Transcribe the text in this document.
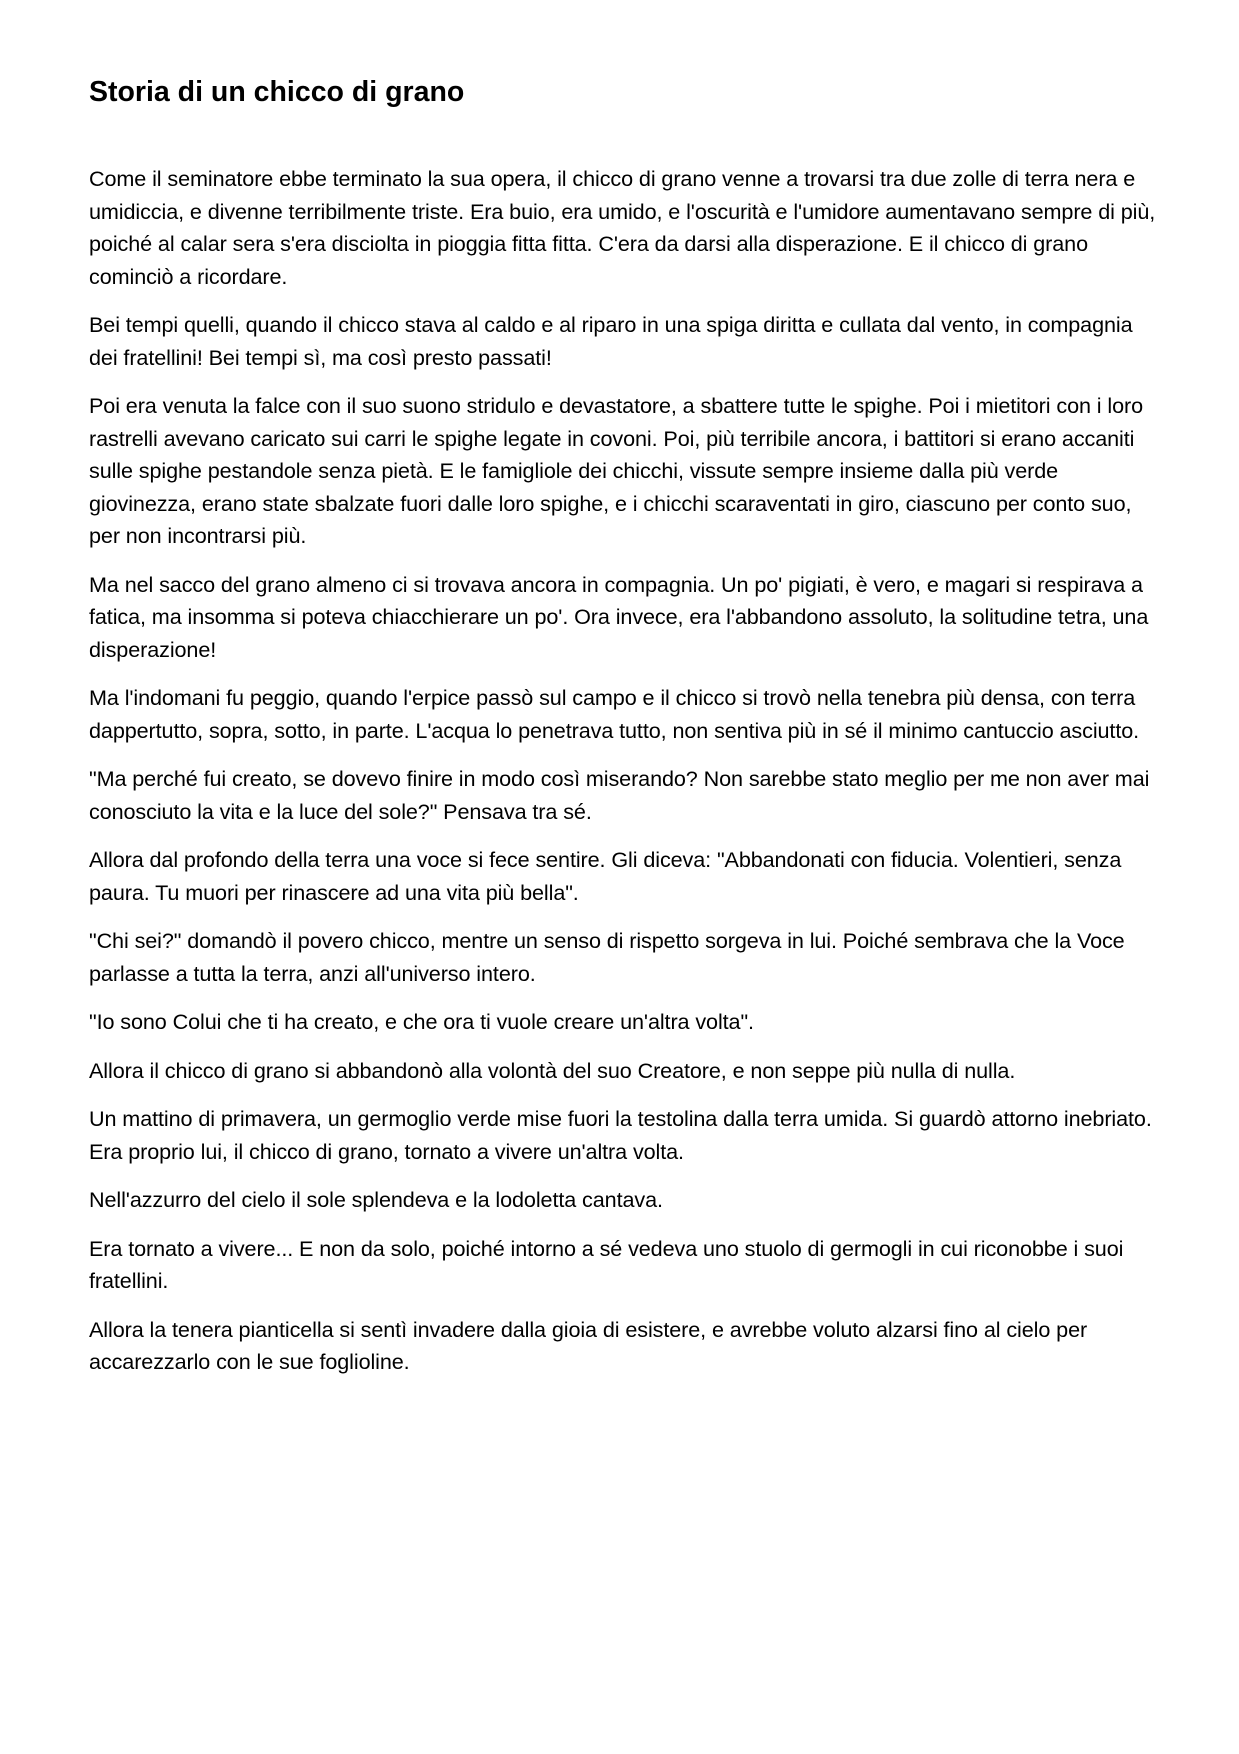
Storia di un chicco di grano

Come il seminatore ebbe terminato la sua opera, il chicco di grano venne a trovarsi tra due zolle di terra nera e umidiccia, e divenne terribilmente triste. Era buio, era umido, e l'oscurità e l'umidore aumentavano sempre di più, poiché al calar sera s'era disciolta in pioggia fitta fitta. C'era da darsi alla disperazione. E il chicco di grano cominciò a ricordare.

Bei tempi quelli, quando il chicco stava al caldo e al riparo in una spiga diritta e cullata dal vento, in compagnia dei fratellini! Bei tempi sì, ma così presto passati!

Poi era venuta la falce con il suo suono stridulo e devastatore, a sbattere tutte le spighe. Poi i mietitori con i loro rastrelli avevano caricato sui carri le spighe legate in covoni. Poi, più terribile ancora, i battitori si erano accaniti sulle spighe pestandole senza pietà. E le famigliole dei chicchi, vissute sempre insieme dalla più verde giovinezza, erano state sbalzate fuori dalle loro spighe, e i chicchi scaraventati in giro, ciascuno per conto suo, per non incontrarsi più.

Ma nel sacco del grano almeno ci si trovava ancora in compagnia. Un po' pigiati, è vero, e magari si respirava a fatica, ma insomma si poteva chiacchierare un po'. Ora invece, era l'abbandono assoluto, la solitudine tetra, una disperazione!

Ma l'indomani fu peggio, quando l'erpice passò sul campo e il chicco si trovò nella tenebra più densa, con terra dappertutto, sopra, sotto, in parte. L'acqua lo penetrava tutto, non sentiva più in sé il minimo cantuccio asciutto.

"Ma perché fui creato, se dovevo finire in modo così miserando? Non sarebbe stato meglio per me non aver mai conosciuto la vita e la luce del sole?" Pensava tra sé.

Allora dal profondo della terra una voce si fece sentire. Gli diceva: "Abbandonati con fiducia. Volentieri, senza paura. Tu muori per rinascere ad una vita più bella".

"Chi sei?" domandò il povero chicco, mentre un senso di rispetto sorgeva in lui. Poiché sembrava che la Voce parlasse a tutta la terra, anzi all'universo intero.

"Io sono Colui che ti ha creato, e che ora ti vuole creare un'altra volta".

Allora il chicco di grano si abbandonò alla volontà del suo Creatore, e non seppe più nulla di nulla.

Un mattino di primavera, un germoglio verde mise fuori la testolina dalla terra umida. Si guardò attorno inebriato. Era proprio lui, il chicco di grano, tornato a vivere un'altra volta.

Nell'azzurro del cielo il sole splendeva e la lodoletta cantava.

Era tornato a vivere... E non da solo, poiché intorno a sé vedeva uno stuolo di germogli in cui riconobbe i suoi fratellini.

Allora la tenera pianticella si sentì invadere dalla gioia di esistere, e avrebbe voluto alzarsi fino al cielo per accarezzarlo con le sue foglioline.
